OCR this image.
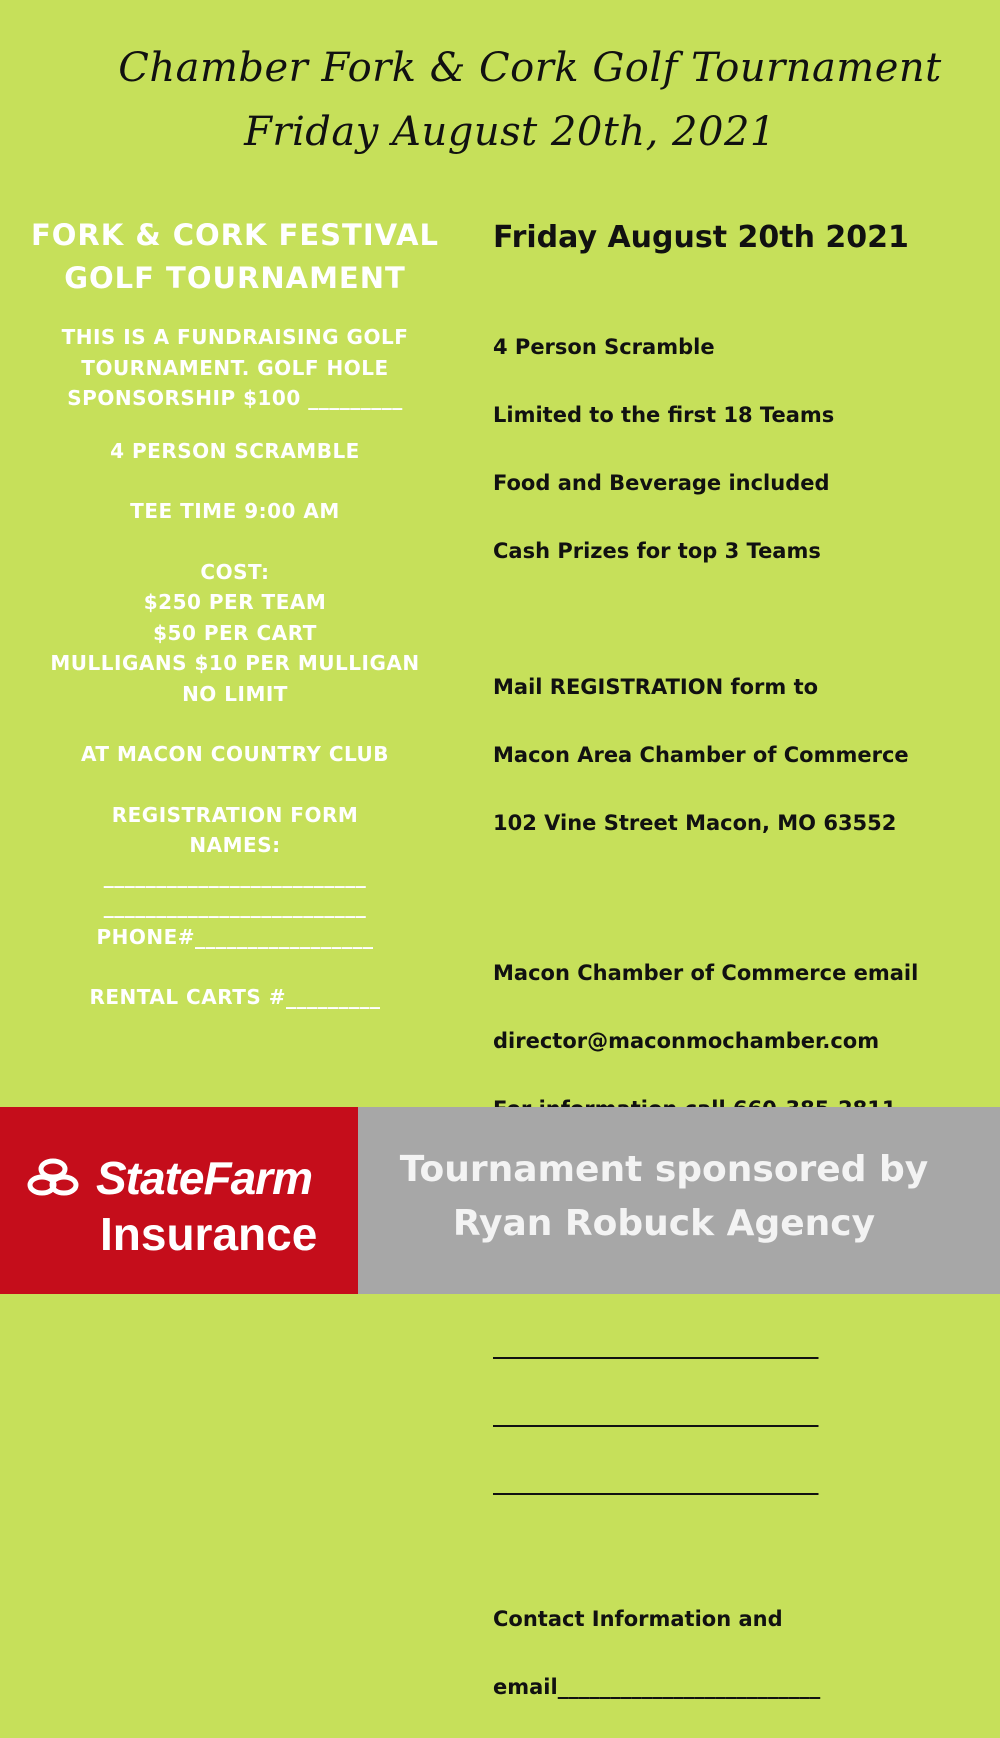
Chamber Fork & Cork Golf Tournament
Friday August 20th, 2021
FORK & CORK FESTIVAL
GOLF TOURNAMENT
THIS IS A FUNDRAISING GOLF
TOURNAMENT. GOLF HOLE
SPONSORSHIP $100 _________
4 PERSON SCRAMBLE
TEE TIME 9:00 AM
COST:
$250 PER TEAM
$50 PER CART
MULLIGANS $10 PER MULLIGAN
NO LIMIT
AT MACON COUNTRY CLUB
REGISTRATION FORM
NAMES:
_________________________
_________________________
PHONE#_________________
RENTAL CARTS #_________
Friday August 20th 2021

4 Person Scramble

Limited to the first 18 Teams

Food and Beverage included

Cash Prizes for top 3 Teams

Mail REGISTRATION form to

Macon Area Chamber of Commerce

102 Vine Street Macon, MO 63552

Macon Chamber of Commerce email

director@maconmochamber.com

_______________________________

_______________________________

_______________________________

Contact Information and

email_________________________

StateFarm
Insurance
Tournament sponsored by
Ryan Robuck Agency
